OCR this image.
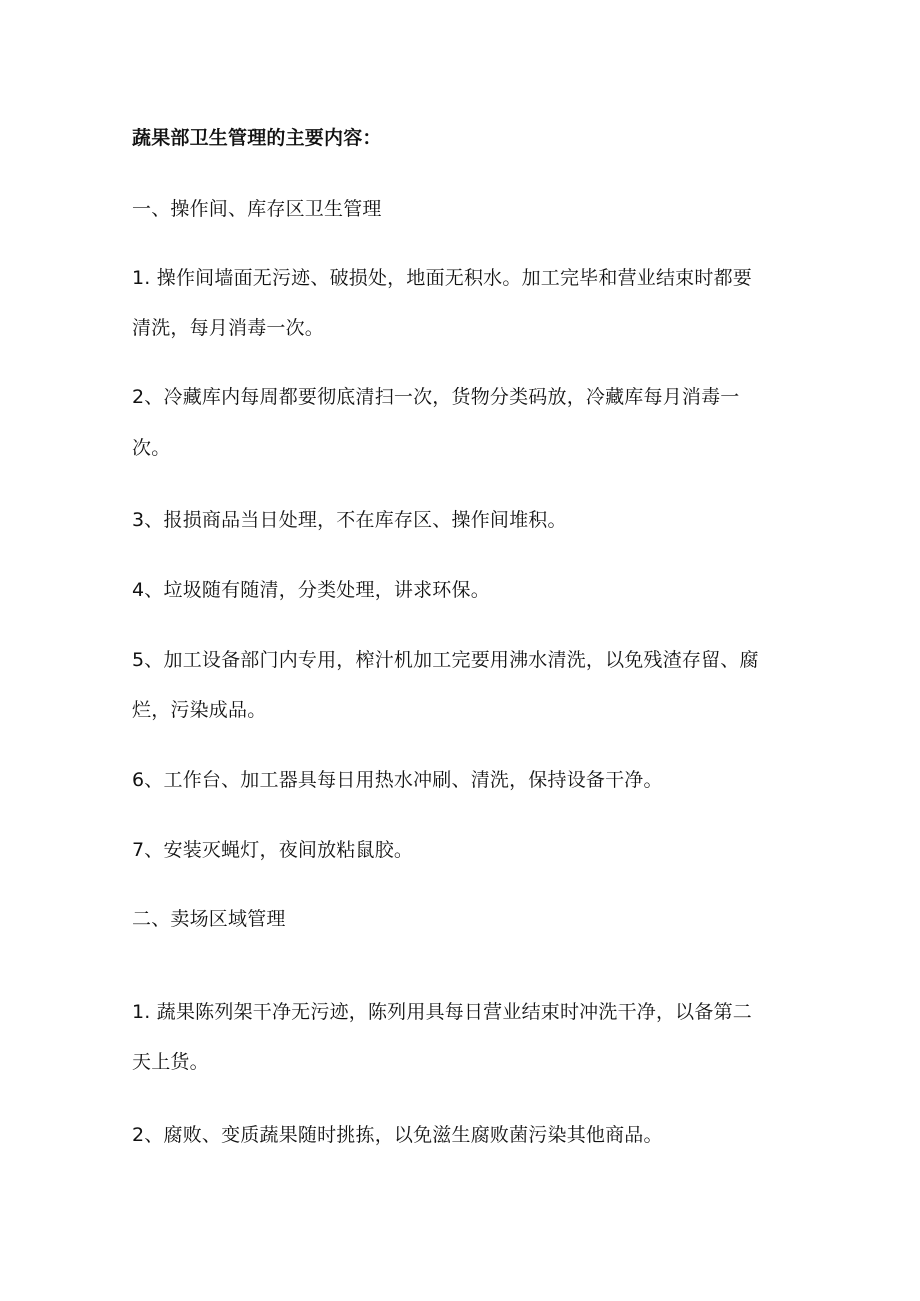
蔬果部卫生管理的主要内容：
一、操作间、库存区卫生管理
1. 操作间墙面无污迹、破损处，地面无积水。加工完毕和营业结束时都要
清洗，每月消毒一次。
2、冷藏库内每周都要彻底清扫一次，货物分类码放，冷藏库每月消毒一
次。
3、报损商品当日处理，不在库存区、操作间堆积。
4、垃圾随有随清，分类处理，讲求环保。
5、加工设备部门内专用，榨汁机加工完要用沸水清洗，以免残渣存留、腐
烂，污染成品。
6、工作台、加工器具每日用热水冲刷、清洗，保持设备干净。
7、安装灭蝇灯，夜间放粘鼠胶。
二、卖场区域管理
1. 蔬果陈列架干净无污迹，陈列用具每日营业结束时冲洗干净，以备第二
天上货。
2、腐败、变质蔬果随时挑拣，以免滋生腐败菌污染其他商品。
